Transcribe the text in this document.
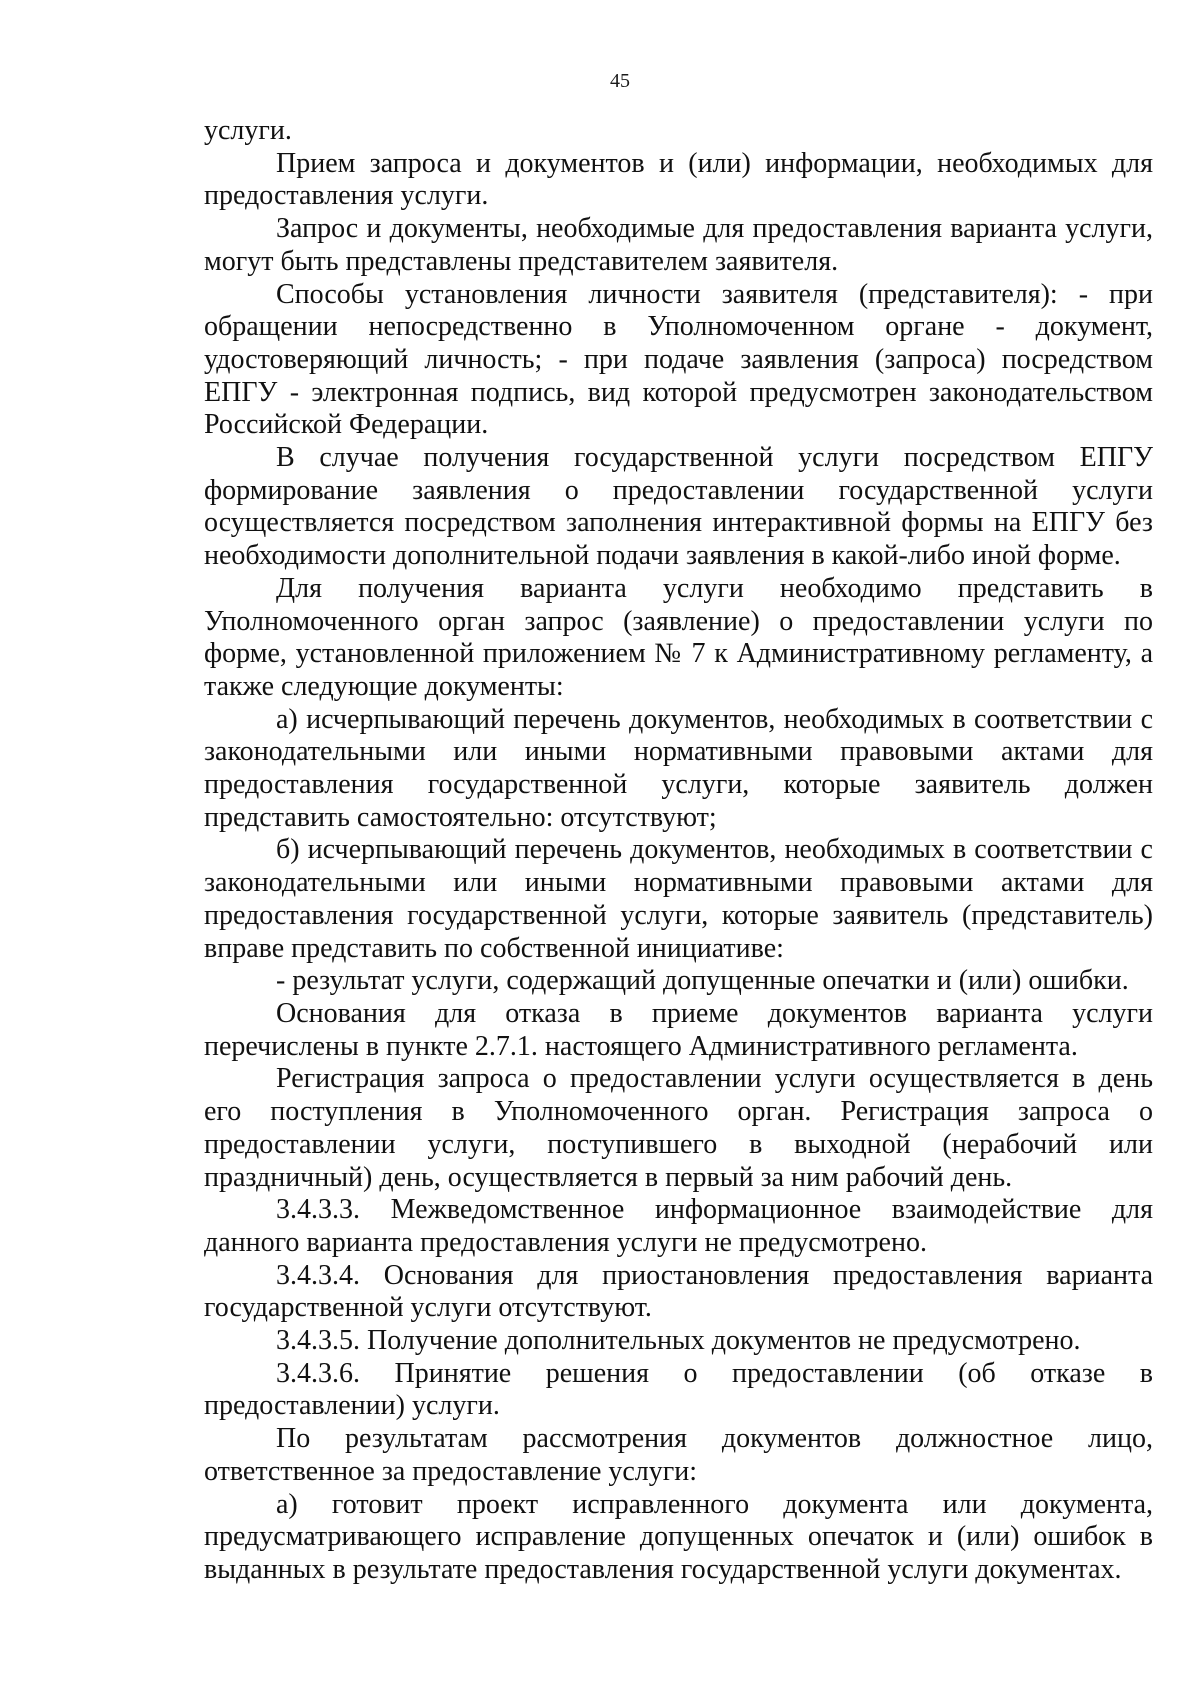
45

услуги.

Прием запроса и документов и (или) информации, необходимых для предоставления услуги.

Запрос и документы, необходимые для предоставления варианта услуги, могут быть представлены представителем заявителя.

Способы установления личности заявителя (представителя): - при обращении непосредственно в Уполномоченном органе - документ, удостоверяющий личность; - при подаче заявления (запроса) посредством ЕПГУ - электронная подпись, вид которой предусмотрен законодательством Российской Федерации.

В случае получения государственной услуги посредством ЕПГУ формирование заявления о предоставлении государственной услуги осуществляется посредством заполнения интерактивной формы на ЕПГУ без необходимости дополнительной подачи заявления в какой-либо иной форме.

Для получения варианта услуги необходимо представить в Уполномоченного орган запрос (заявление) о предоставлении услуги по форме, установленной приложением № 7 к Административному регламенту, а также следующие документы:

а) исчерпывающий перечень документов, необходимых в соответствии с законодательными или иными нормативными правовыми актами для предоставления государственной услуги, которые заявитель должен представить самостоятельно: отсутствуют;

б) исчерпывающий перечень документов, необходимых в соответствии с законодательными или иными нормативными правовыми актами для предоставления государственной услуги, которые заявитель (представитель) вправе представить по собственной инициативе:

- результат услуги, содержащий допущенные опечатки и (или) ошибки.

Основания для отказа в приеме документов варианта услуги перечислены в пункте 2.7.1. настоящего Административного регламента.

Регистрация запроса о предоставлении услуги осуществляется в день его поступления в Уполномоченного орган. Регистрация запроса о предоставлении услуги, поступившего в выходной (нерабочий или праздничный) день, осуществляется в первый за ним рабочий день.

3.4.3.3. Межведомственное информационное взаимодействие для данного варианта предоставления услуги не предусмотрено.

3.4.3.4. Основания для приостановления предоставления варианта государственной услуги отсутствуют.

3.4.3.5. Получение дополнительных документов не предусмотрено.

3.4.3.6. Принятие решения о предоставлении (об отказе в предоставлении) услуги.

По результатам рассмотрения документов должностное лицо, ответственное за предоставление услуги:

а) готовит проект исправленного документа или документа, предусматривающего исправление допущенных опечаток и (или) ошибок в выданных в результате предоставления государственной услуги документах.
